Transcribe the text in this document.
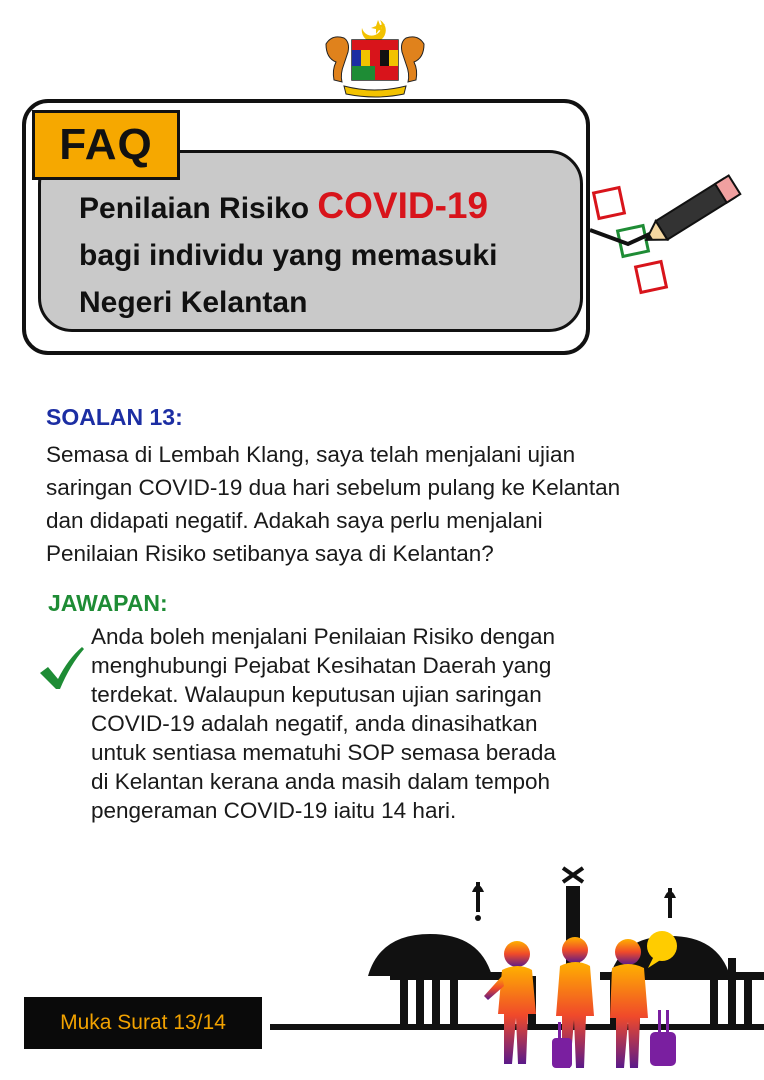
FAQ
Penilaian Risiko COVID-19
bagi individu yang memasuki
Negeri Kelantan
SOALAN 13:
Semasa di Lembah Klang, saya telah menjalani ujian
saringan COVID-19 dua hari sebelum pulang ke Kelantan
dan didapati negatif. Adakah saya perlu menjalani
Penilaian Risiko setibanya saya di Kelantan?
JAWAPAN:
Anda boleh menjalani Penilaian Risiko dengan
menghubungi Pejabat Kesihatan Daerah yang
terdekat. Walaupun keputusan ujian saringan
COVID-19 adalah negatif, anda dinasihatkan
untuk sentiasa mematuhi SOP semasa berada
di Kelantan kerana anda masih dalam tempoh
pengeraman COVID-19 iaitu 14 hari.
Muka Surat 13/14
